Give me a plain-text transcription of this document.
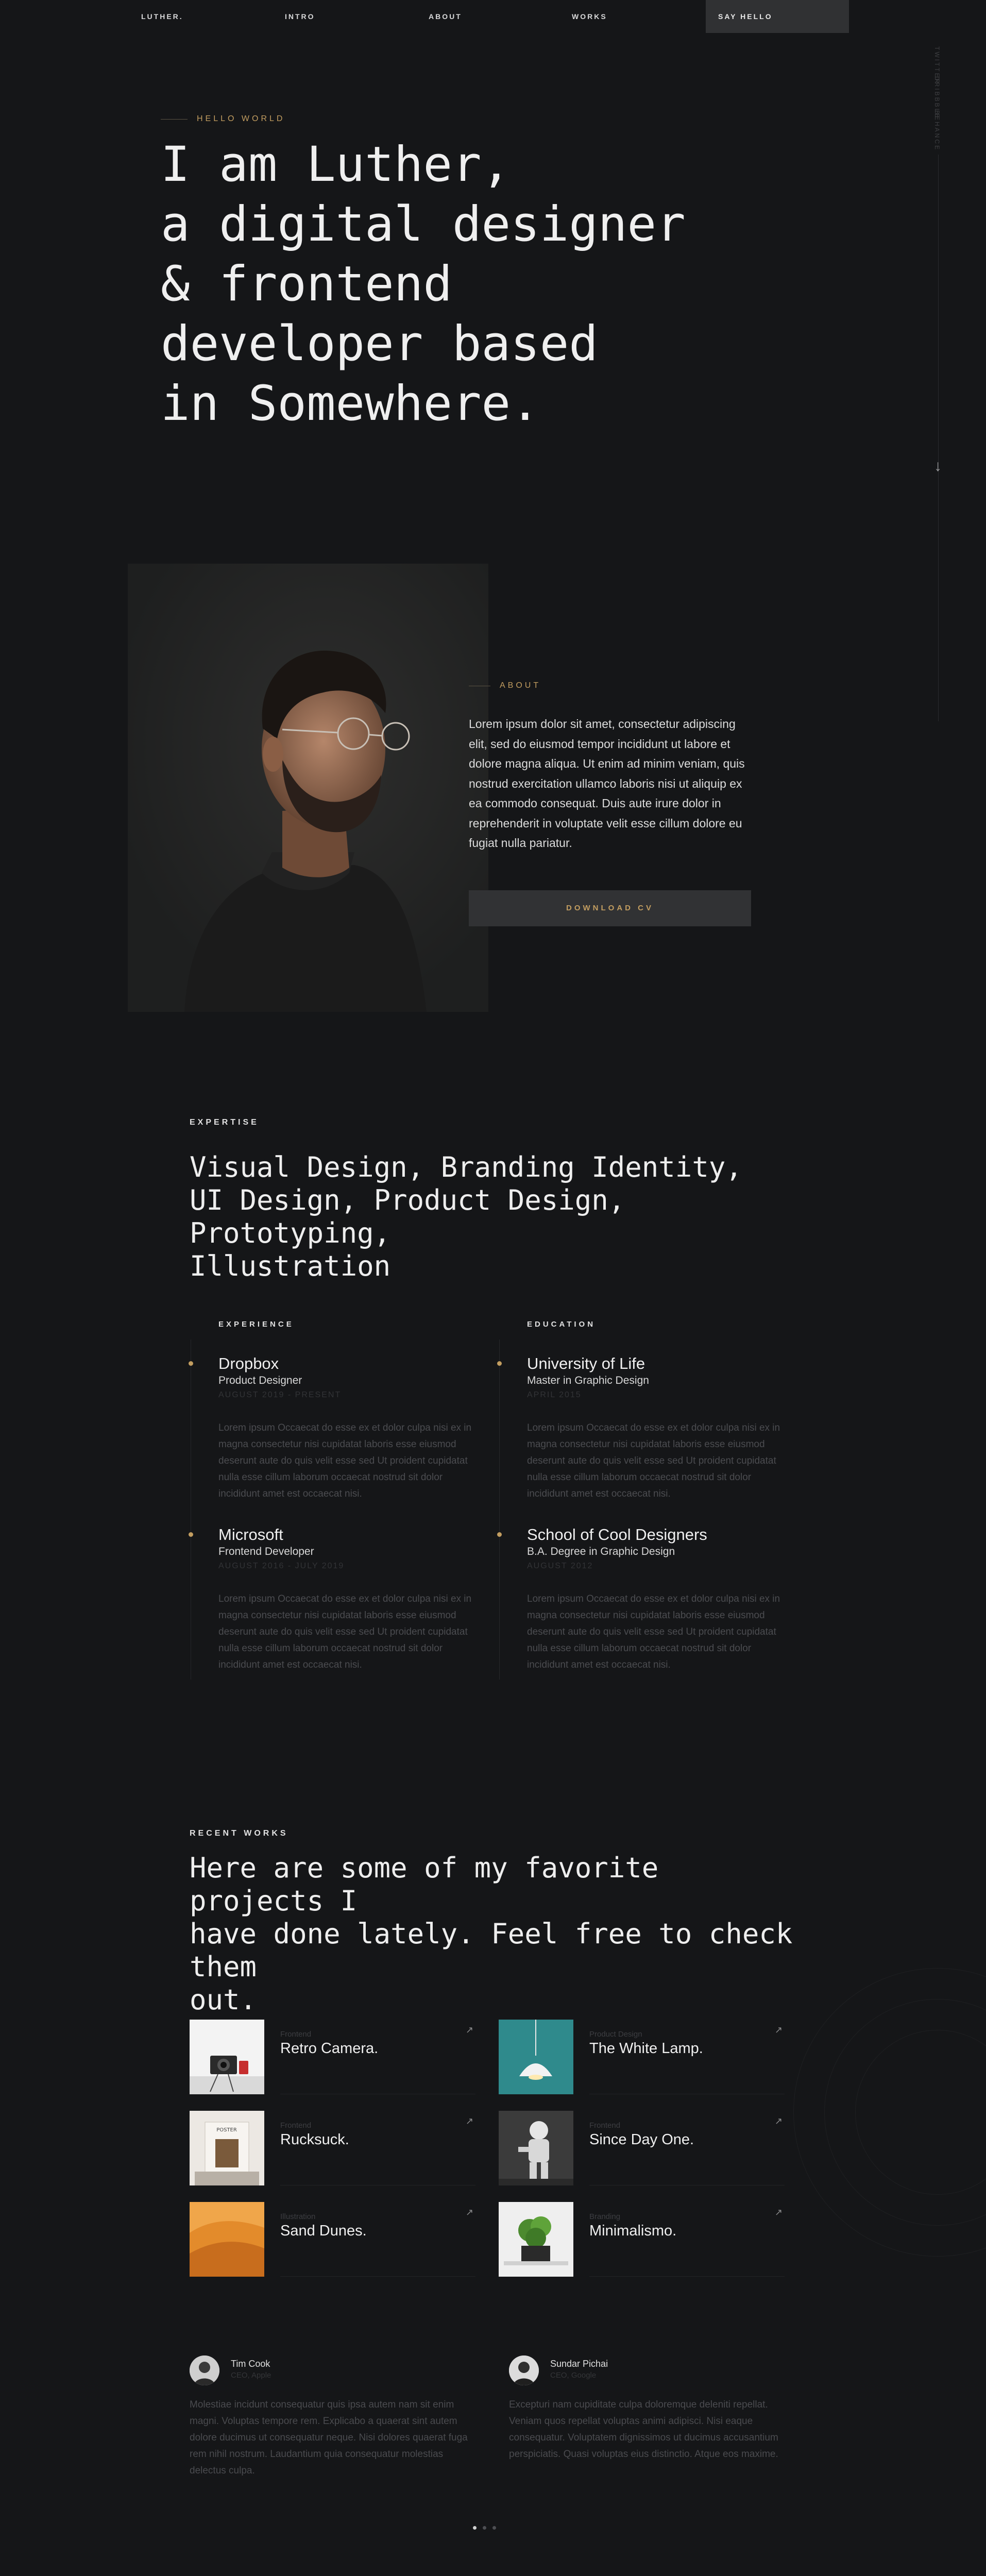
LUTHER.	INTRO	ABOUT	WORKS	SAY HELLO
TWITTER
DRIBBBLE
BEHANCE
HELLO WORLD
I am Luther,
a digital designer
& frontend
developer based
in Somewhere.
↓
ABOUT
Lorem ipsum dolor sit amet, consectetur adipiscing elit, sed do eiusmod tempor incididunt ut labore et dolore magna aliqua. Ut enim ad minim veniam, quis nostrud exercitation ullamco laboris nisi ut aliquip ex ea commodo consequat. Duis aute irure dolor in reprehenderit in voluptate velit esse cillum dolore eu fugiat nulla pariatur.
DOWNLOAD CV
EXPERTISE
Visual Design, Branding Identity,
UI Design, Product Design, Prototyping,
Illustration
EXPERIENCE	EDUCATION
Dropbox
Product Designer
AUGUST 2019 - PRESENT
Lorem ipsum Occaecat do esse ex et dolor culpa nisi ex in magna consectetur nisi cupidatat laboris esse eiusmod deserunt aute do quis velit esse sed Ut proident cupidatat nulla esse cillum laborum occaecat nostrud sit dolor incididunt amet est occaecat nisi.
Microsoft
Frontend Developer
AUGUST 2016 - JULY 2019
Lorem ipsum Occaecat do esse ex et dolor culpa nisi ex in magna consectetur nisi cupidatat laboris esse eiusmod deserunt aute do quis velit esse sed Ut proident cupidatat nulla esse cillum laborum occaecat nostrud sit dolor incididunt amet est occaecat nisi.
University of Life
Master in Graphic Design
APRIL 2015
Lorem ipsum Occaecat do esse ex et dolor culpa nisi ex in magna consectetur nisi cupidatat laboris esse eiusmod deserunt aute do quis velit esse sed Ut proident cupidatat nulla esse cillum laborum occaecat nostrud sit dolor incididunt amet est occaecat nisi.
School of Cool Designers
B.A. Degree in Graphic Design
AUGUST 2012
Lorem ipsum Occaecat do esse ex et dolor culpa nisi ex in magna consectetur nisi cupidatat laboris esse eiusmod deserunt aute do quis velit esse sed Ut proident cupidatat nulla esse cillum laborum occaecat nostrud sit dolor incididunt amet est occaecat nisi.
RECENT WORKS
Here are some of my favorite projects I
have done lately. Feel free to check them
out.
Frontend
Retro Camera.
↗	Product Design
The White Lamp.
↗
POSTER
Frontend
Rucksuck.
↗	Frontend
Since Day One.
↗
Illustration
Sand Dunes.
↗	Branding
Minimalismo.
↗
Tim Cook
CEO, Apple
Molestiae incidunt consequatur quis ipsa autem nam sit enim magni. Voluptas tempore rem. Explicabo a quaerat sint autem dolore ducimus ut consequatur neque. Nisi dolores quaerat fuga rem nihil nostrum. Laudantium quia consequatur molestias delectus culpa.
Sundar Pichai
CEO, Google
Excepturi nam cupiditate culpa doloremque deleniti repellat. Veniam quos repellat voluptas animi adipisci. Nisi eaque consequatur. Voluptatem dignissimos ut ducimus accusantium perspiciatis. Quasi voluptas eius distinctio. Atque eos maxime.
